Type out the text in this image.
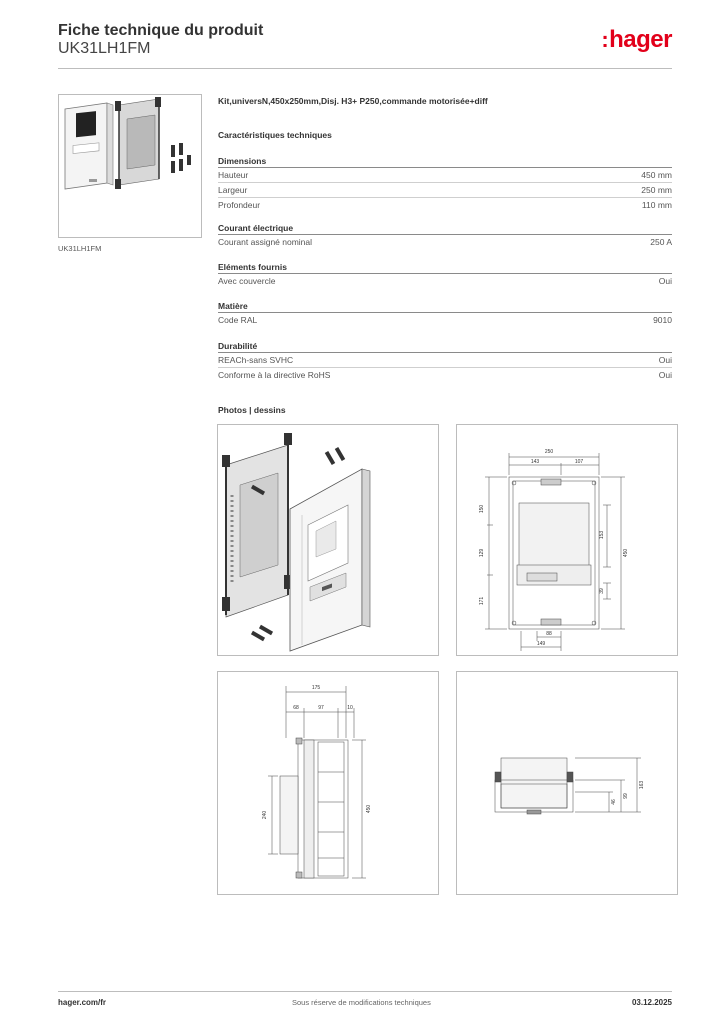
Fiche technique du produit
UK31LH1FM	:hager
UK31LH1FM
Kit,universN,450x250mm,Disj. H3+ P250,commande motorisée+diff
Caractéristiques techniques
Dimensions
Hauteur	450 mm
Largeur	250 mm
Profondeur	110 mm
Courant électrique
Courant assigné nominal	250 A
Eléments fournis
Avec couvercle	Oui
Matière
Code RAL	9010
Durabilité
REACh-sans SVHC	Oui
Conforme à la directive RoHS	Oui
Photos | dessins
250
143	107
150
129
171
153
39
450
88
149
175
68	97	10
240
450
163
99
46
hager.com/fr	Sous réserve de modifications techniques	03.12.2025
